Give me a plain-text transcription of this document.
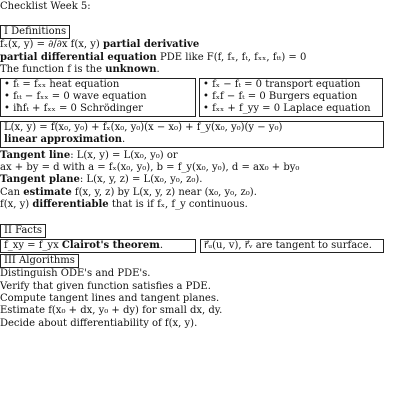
Checklist Week 5:
I Definitions
fₓ(x, y) = ∂/∂x f(x, y) partial derivative
partial differential equation PDE like F(f, fₓ, fₜ, fₓₓ, fₜₜ) = 0
The function f is the unknown.
• fₜ = fₓₓ heat equation
• fₜₜ − fₓₓ = 0 wave equation
• iħfₜ + fₓₓ = 0 Schrödinger
• fₓ − fₜ = 0 transport equation
• fₓf − fₜ = 0 Burgers equation
• fₓₓ + f_yy = 0 Laplace equation
L(x, y) = f(x₀, y₀) + fₓ(x₀, y₀)(x − x₀) + f_y(x₀, y₀)(y − y₀)
linear approximation.
Tangent line: L(x, y) = L(x₀, y₀) or
ax + by = d with a = fₓ(x₀, y₀), b = f_y(x₀, y₀), d = ax₀ + by₀
Tangent plane: L(x, y, z) = L(x₀, y₀, z₀).
Can estimate f(x, y, z) by L(x, y, z) near (x₀, y₀, z₀).
f(x, y) differentiable that is if fₓ, f_y continuous.
II Facts
f_xy = f_yx Clairot's theorem.	r⃗ᵤ(u, v), r⃗ᵥ are tangent to surface.
III Algorithms
Distinguish ODE's and PDE's.
Verify that given function satisfies a PDE.
Compute tangent lines and tangent planes.
Estimate f(x₀ + dx, y₀ + dy) for small dx, dy.
Decide about differentiability of f(x, y).
